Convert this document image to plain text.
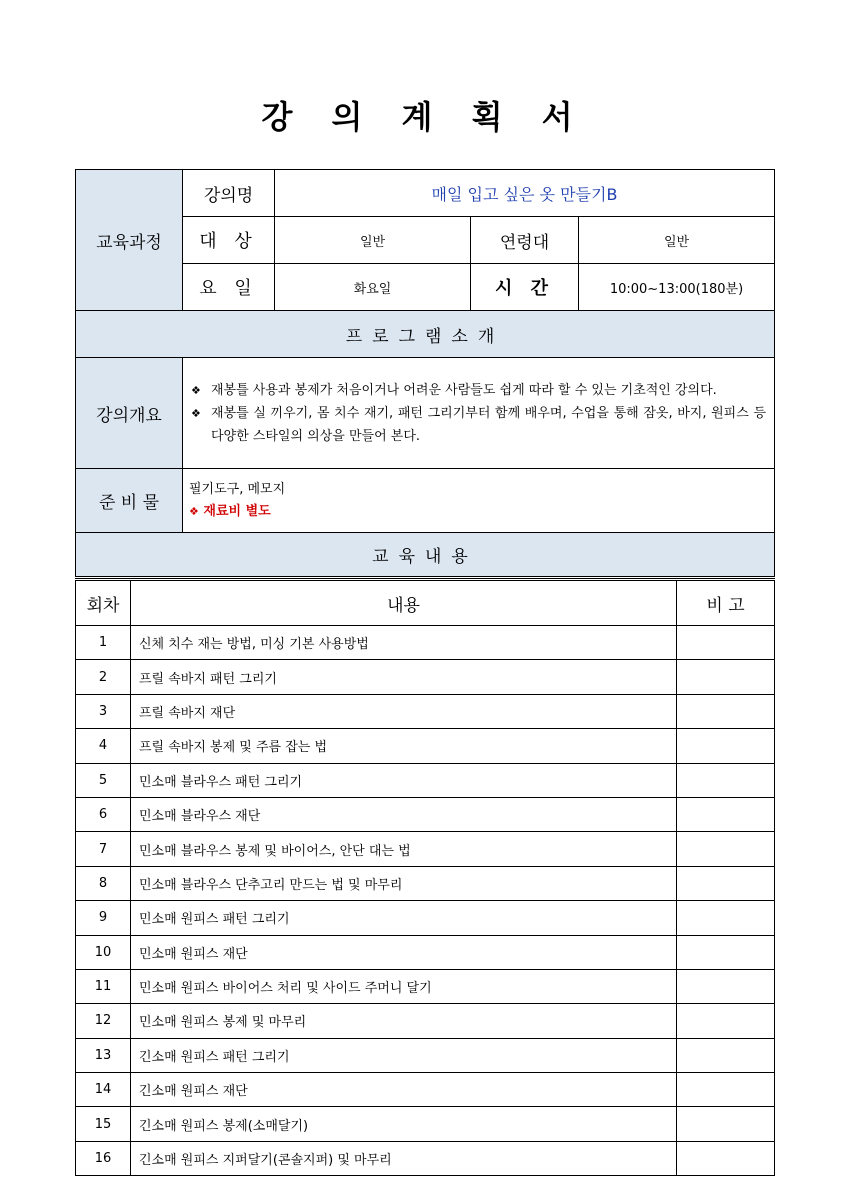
강 의 계 획 서
교육과정	강의명	매일 입고 싶은 옷 만들기B		
	대 상	일반	연령대	일반
	요 일	화요일	시 간	10:00~13:00(180분)
프로그램소개				
강의개요	❖ 재봉틀 사용과 봉제가 처음이거나 어려운 사람들도 쉽게 따라 할 수 있는 기초적인 강의다.
❖ 재봉틀 실 끼우기, 몸 치수 재기, 패턴 그리기부터 함께 배우며, 수업을 통해 잠옷, 바지, 원피스 등 다양한 스타일의 의상을 만들어 본다.			

준 비 물	필기도구, 메모지
❖ 재료비 별도			

교육내용				
회차	내용	비 고
1	신체 치수 재는 방법, 미싱 기본 사용방법	
2	프릴 속바지 패턴 그리기	
3	프릴 속바지 재단	
4	프릴 속바지 봉제 및 주름 잡는 법	
5	민소매 블라우스 패턴 그리기	
6	민소매 블라우스 재단	
7	민소매 블라우스 봉제 및 바이어스, 안단 대는 법	
8	민소매 블라우스 단추고리 만드는 법 및 마무리	
9	민소매 원피스 패턴 그리기	
10	민소매 원피스 재단	
11	민소매 원피스 바이어스 처리 및 사이드 주머니 달기	
12	민소매 원피스 봉제 및 마무리	
13	긴소매 원피스 패턴 그리기	
14	긴소매 원피스 재단	
15	긴소매 원피스 봉제(소매달기)	
16	긴소매 원피스 지퍼달기(콘솔지퍼) 및 마무리	
